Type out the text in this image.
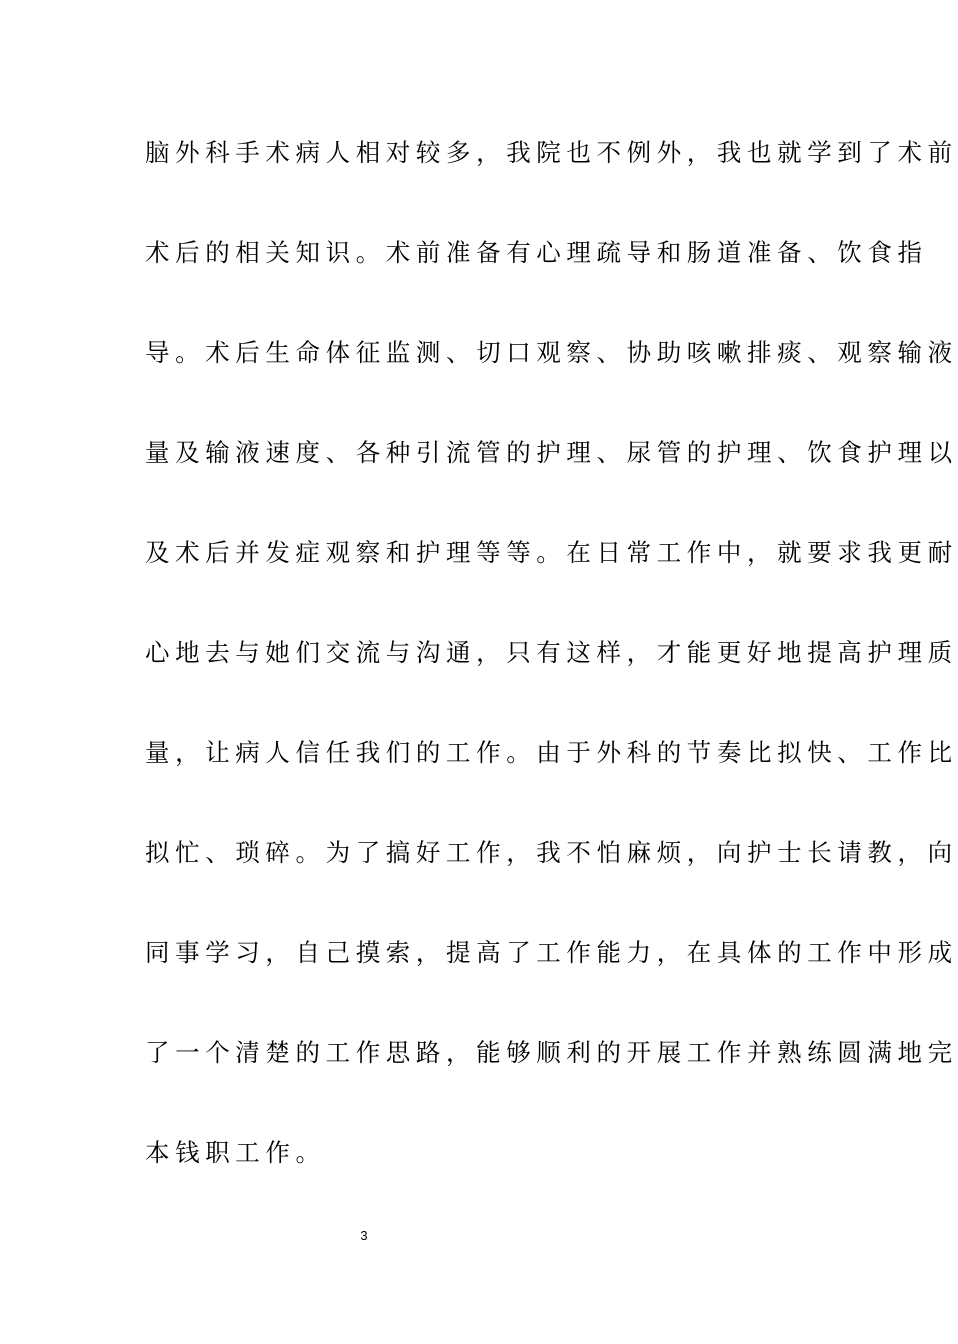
脑外科手术病人相对较多，我院也不例外，我也就学到了术前
术后的相关知识。术前准备有心理疏导和肠道准备、饮食指
导。术后生命体征监测、切口观察、协助咳嗽排痰、观察输液
量及输液速度、各种引流管的护理、尿管的护理、饮食护理以
及术后并发症观察和护理等等。在日常工作中，就要求我更耐
心地去与她们交流与沟通，只有这样，才能更好地提高护理质
量，让病人信任我们的工作。由于外科的节奏比拟快、工作比
拟忙、琐碎。为了搞好工作，我不怕麻烦，向护士长请教，向
同事学习，自己摸索，提高了工作能力，在具体的工作中形成
了一个清楚的工作思路，能够顺利的开展工作并熟练圆满地完
本钱职工作。
3
